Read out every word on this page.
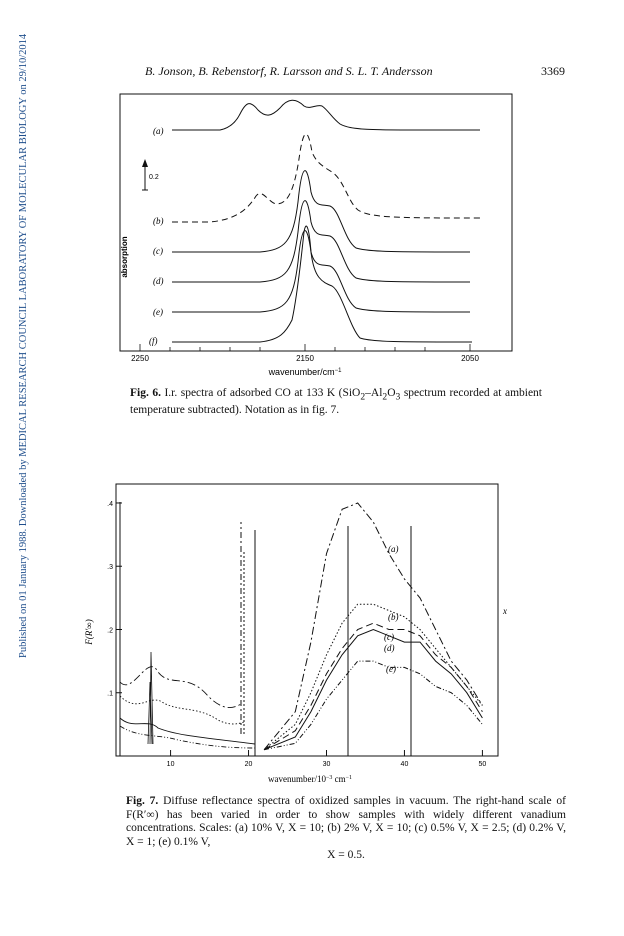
Published on 01 January 1988. Downloaded by MEDICAL RESEARCH COUNCIL LABORATORY OF MOLECULAR BIOLOGY on 29/10/2014	B. Jonson, B. Rebenstorf, R. Larsson and S. L. T. Andersson	3369
2250	2150	2050
wavenumber/$cm^{-1}$
absorption
0.2
(a)
(b)
(c)
(d)
(e)
(f)
Fig. 6. I.r. spectra of adsorbed CO at 133 K ($SiO_2-Al_2O_3$ spectrum recorded at ambient temperature subtracted). Notation as in fig. 7.
F(R′∞)
x
wavenumber/$10^{-3}$ $cm^{-1}$
10	20	30	40	50
.1
.2
.3
.4
(a)
(b)
(c)
(d)
(e)
Fig. 7. Diffuse reflectance spectra of oxidized samples in vacuum. The right-hand scale of F(R′∞) has been varied in order to show samples with widely different vanadium concentrations. Scales: (a) 10% V, X = 10; (b) 2% V, X = 10; (c) 0.5% V, X = 2.5; (d) 0.2% V, X = 1; (e) 0.1% V,
X = 0.5.
